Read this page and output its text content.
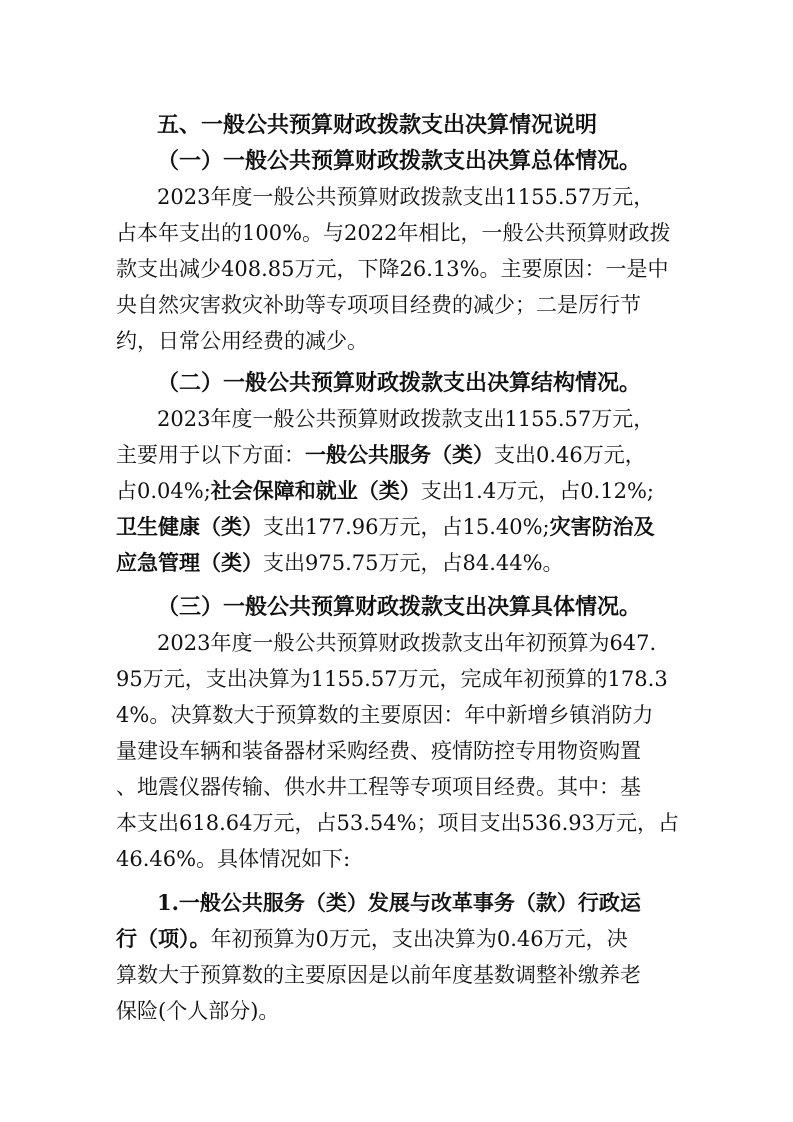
五、一般公共预算财政拨款支出决算情况说明
（一）一般公共预算财政拨款支出决算总体情况。
2023年度一般公共预算财政拨款支出1155.57万元，
占本年支出的100%。与2022年相比，一般公共预算财政拨
款支出减少408.85万元，下降26.13%。主要原因：一是中
央自然灾害救灾补助等专项项目经费的减少；二是厉行节
约，日常公用经费的减少。
（二）一般公共预算财政拨款支出决算结构情况。
2023年度一般公共预算财政拨款支出1155.57万元，
主要用于以下方面：一般公共服务（类）支出0.46万元，
占0.04%;社会保障和就业（类）支出1.4万元，占0.12%;
卫生健康（类）支出177.96万元，占15.40%;灾害防治及
应急管理（类）支出975.75万元，占84.44%。
（三）一般公共预算财政拨款支出决算具体情况。
2023年度一般公共预算财政拨款支出年初预算为647.
95万元，支出决算为1155.57万元，完成年初预算的178.3
4%。决算数大于预算数的主要原因：年中新增乡镇消防力
量建设车辆和装备器材采购经费、疫情防控专用物资购置
、地震仪器传输、供水井工程等专项项目经费。其中：基
本支出618.64万元，占53.54%；项目支出536.93万元，占
46.46%。具体情况如下:
1.一般公共服务（类）发展与改革事务（款）行政运
行（项）。年初预算为0万元，支出决算为0.46万元，决
算数大于预算数的主要原因是以前年度基数调整补缴养老
保险(个人部分)。
